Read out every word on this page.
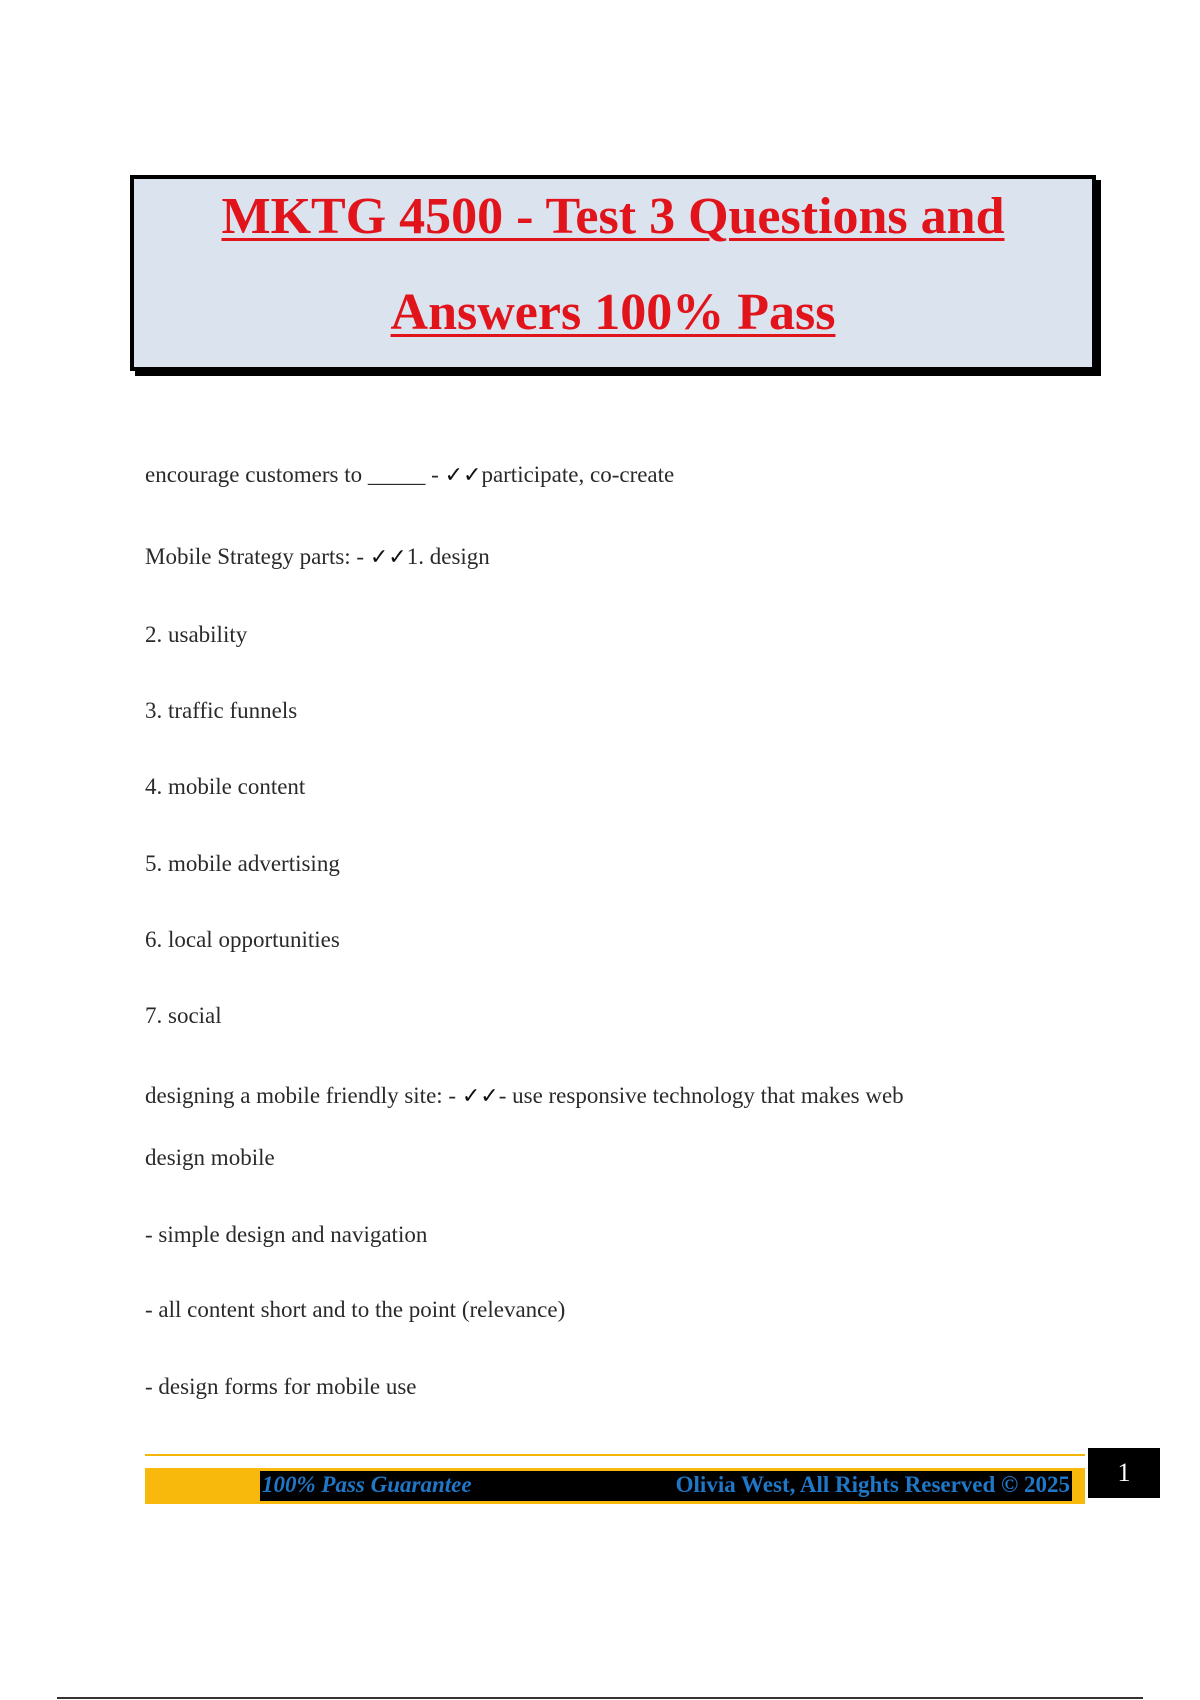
MKTG 4500 - Test 3 Questions and
Answers 100% Pass
encourage customers to _____ - ✓✓participate, co-create
Mobile Strategy parts: - ✓✓1. design
2. usability
3. traffic funnels
4. mobile content
5. mobile advertising
6. local opportunities
7. social
designing a mobile friendly site: - ✓✓- use responsive technology that makes web
design mobile
- simple design and navigation
- all content short and to the point (relevance)
- design forms for mobile use
100% Pass Guarantee	Olivia West, All Rights Reserved © 2025	1
